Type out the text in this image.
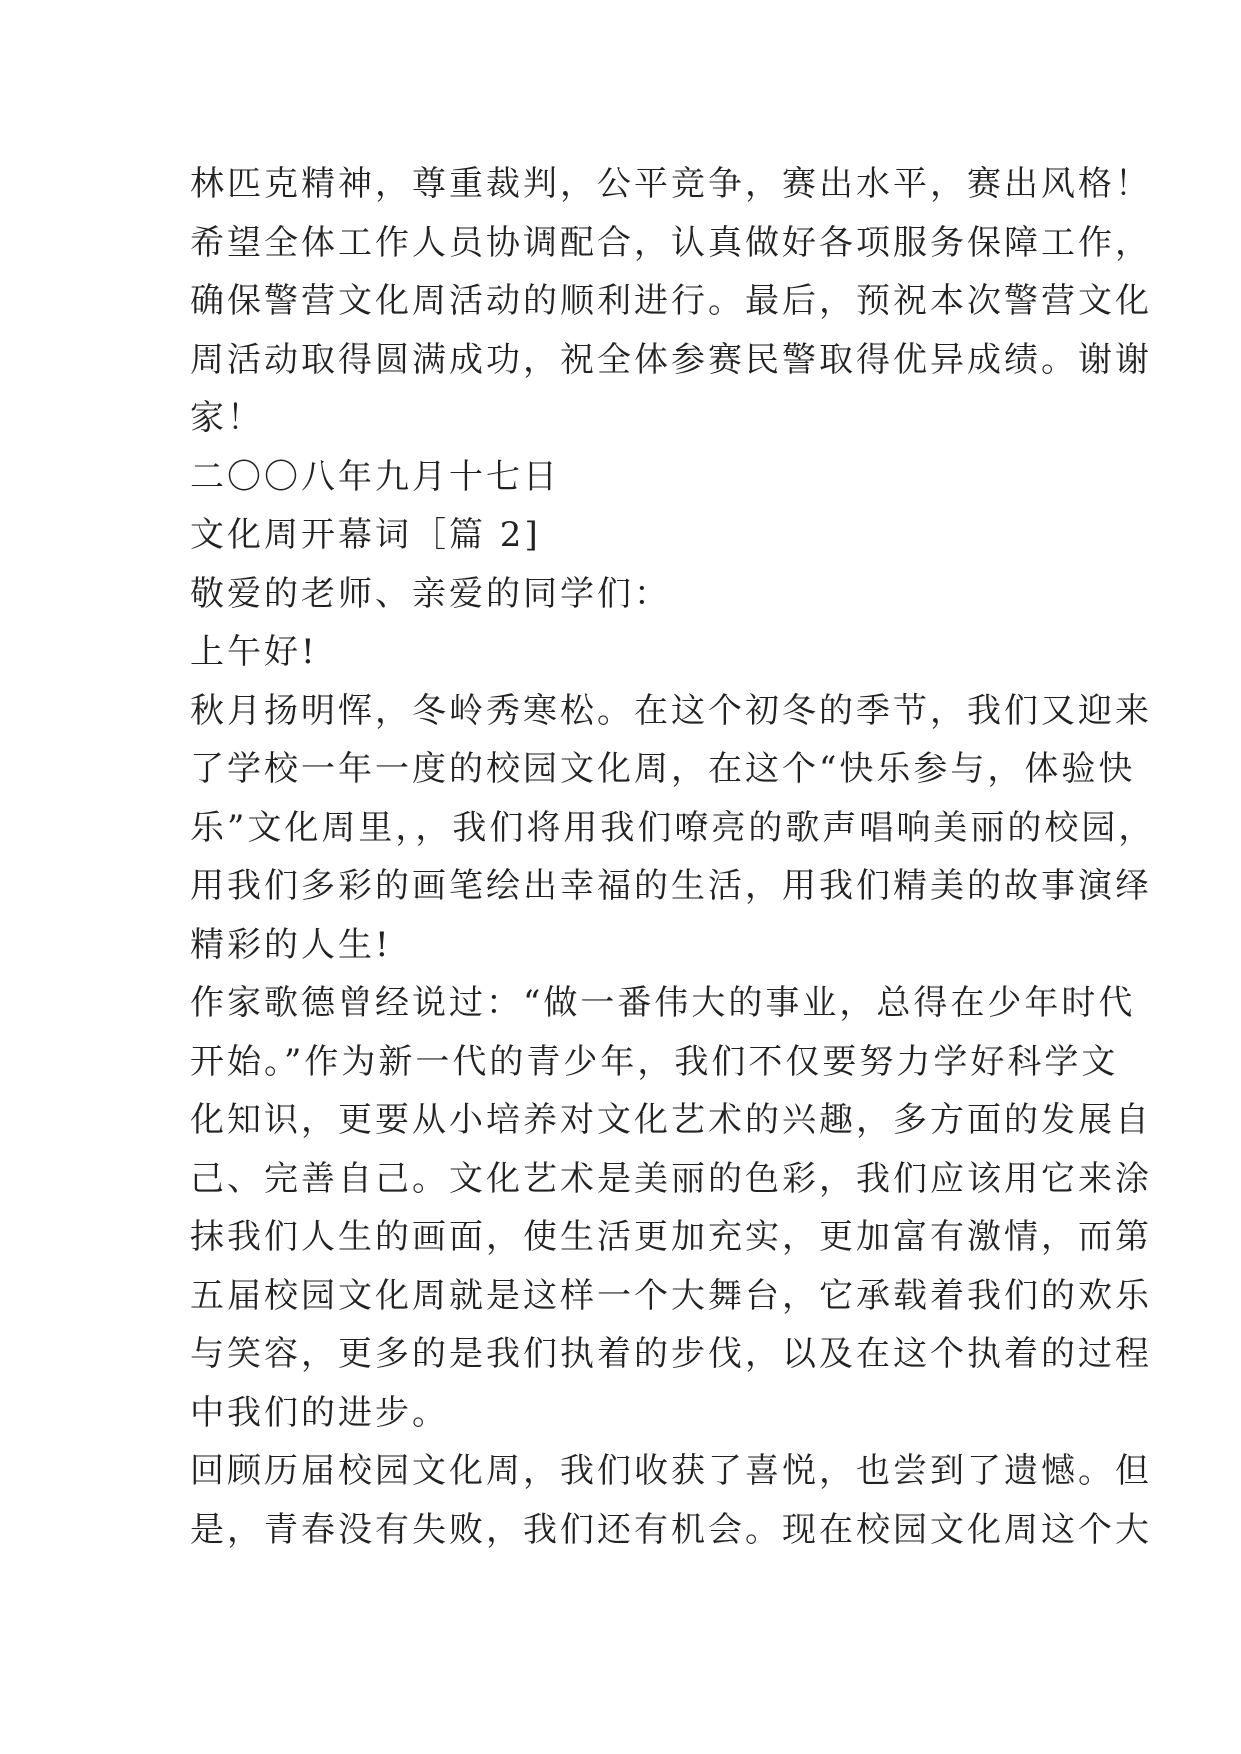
林匹克精神，尊重裁判，公平竞争，赛出水平，赛出风格！
希望全体工作人员协调配合，认真做好各项服务保障工作，
确保警营文化周活动的顺利进行。最后，预祝本次警营文化
周活动取得圆满成功，祝全体参赛民警取得优异成绩。谢谢
家！
二〇〇八年九月十七日
文化周开幕词［篇 2]
敬爱的老师、亲爱的同学们：
上午好!
秋月扬明恽，冬岭秀寒松。在这个初冬的季节，我们又迎来
了学校一年一度的校园文化周，在这个“快乐参与，体验快
乐”文化周里，，我们将用我们嘹亮的歌声唱响美丽的校园，
用我们多彩的画笔绘出幸福的生活，用我们精美的故事演绎
精彩的人生!
作家歌德曾经说过：“做一番伟大的事业，总得在少年时代
开始。”作为新一代的青少年，我们不仅要努力学好科学文
化知识，更要从小培养对文化艺术的兴趣，多方面的发展自
己、完善自己。文化艺术是美丽的色彩，我们应该用它来涂
抹我们人生的画面，使生活更加充实，更加富有激情，而第
五届校园文化周就是这样一个大舞台，它承载着我们的欢乐
与笑容，更多的是我们执着的步伐，以及在这个执着的过程
中我们的进步。
回顾历届校园文化周，我们收获了喜悦，也尝到了遗憾。但
是，青春没有失败，我们还有机会。现在校园文化周这个大
